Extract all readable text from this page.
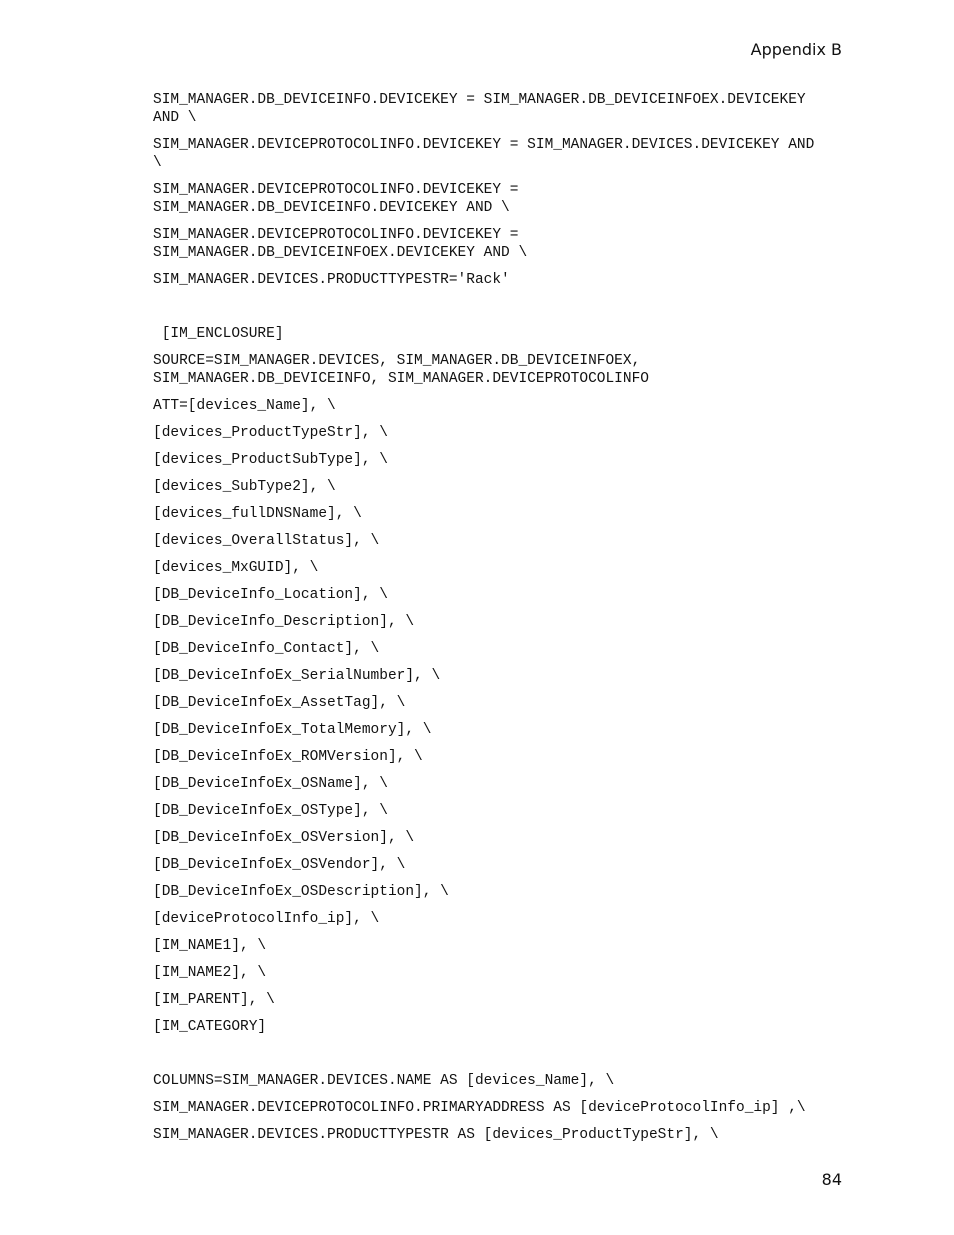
Appendix B
SIM_MANAGER.DB_DEVICEINFO.DEVICEKEY = SIM_MANAGER.DB_DEVICEINFOEX.DEVICEKEY
AND \
SIM_MANAGER.DEVICEPROTOCOLINFO.DEVICEKEY = SIM_MANAGER.DEVICES.DEVICEKEY AND
\
SIM_MANAGER.DEVICEPROTOCOLINFO.DEVICEKEY =
SIM_MANAGER.DB_DEVICEINFO.DEVICEKEY AND \
SIM_MANAGER.DEVICEPROTOCOLINFO.DEVICEKEY =
SIM_MANAGER.DB_DEVICEINFOEX.DEVICEKEY AND \
SIM_MANAGER.DEVICES.PRODUCTTYPESTR='Rack'
[IM_ENCLOSURE]
SOURCE=SIM_MANAGER.DEVICES, SIM_MANAGER.DB_DEVICEINFOEX,
SIM_MANAGER.DB_DEVICEINFO, SIM_MANAGER.DEVICEPROTOCOLINFO
ATT=[devices_Name], \
[devices_ProductTypeStr], \
[devices_ProductSubType], \
[devices_SubType2], \
[devices_fullDNSName], \
[devices_OverallStatus], \
[devices_MxGUID], \
[DB_DeviceInfo_Location], \
[DB_DeviceInfo_Description], \
[DB_DeviceInfo_Contact], \
[DB_DeviceInfoEx_SerialNumber], \
[DB_DeviceInfoEx_AssetTag], \
[DB_DeviceInfoEx_TotalMemory], \
[DB_DeviceInfoEx_ROMVersion], \
[DB_DeviceInfoEx_OSName], \
[DB_DeviceInfoEx_OSType], \
[DB_DeviceInfoEx_OSVersion], \
[DB_DeviceInfoEx_OSVendor], \
[DB_DeviceInfoEx_OSDescription], \
[deviceProtocolInfo_ip], \
[IM_NAME1], \
[IM_NAME2], \
[IM_PARENT], \
[IM_CATEGORY]
COLUMNS=SIM_MANAGER.DEVICES.NAME AS [devices_Name], \
SIM_MANAGER.DEVICEPROTOCOLINFO.PRIMARYADDRESS AS [deviceProtocolInfo_ip] ,\
SIM_MANAGER.DEVICES.PRODUCTTYPESTR AS [devices_ProductTypeStr], \
84
